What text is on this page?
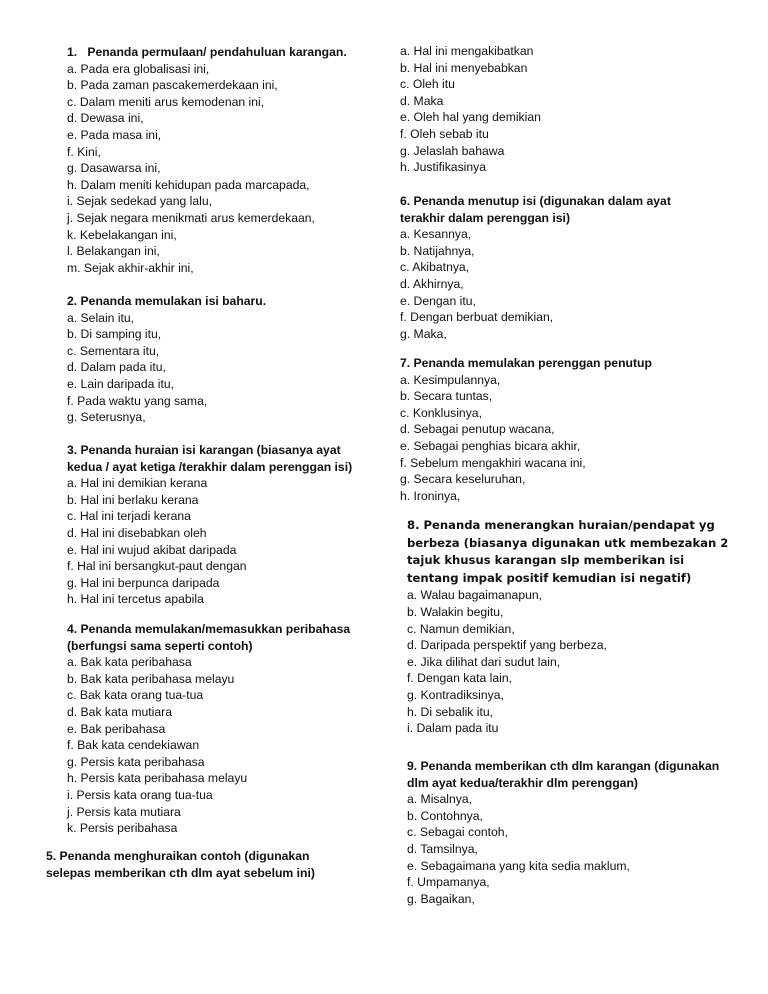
1.   Penanda permulaan/ pendahuluan karangan.
a. Pada era globalisasi ini,
b. Pada zaman pascakemerdekaan ini,
c. Dalam meniti arus kemodenan ini,
d. Dewasa ini,
e. Pada masa ini,
f. Kini,
g. Dasawarsa ini,
h. Dalam meniti kehidupan pada marcapada,
i. Sejak sedekad yang lalu,
j. Sejak negara menikmati arus kemerdekaan,
k. Kebelakangan ini,
l. Belakangan ini,
m. Sejak akhir-akhir ini,
2. Penanda memulakan isi baharu.
a. Selain itu,
b. Di samping itu,
c. Sementara itu,
d. Dalam pada itu,
e. Lain daripada itu,
f. Pada waktu yang sama,
g. Seterusnya,
3. Penanda huraian isi karangan (biasanya ayat kedua / ayat ketiga /terakhir dalam perenggan isi)
a. Hal ini demikian kerana
b. Hal ini berlaku kerana
c. Hal ini terjadi kerana
d. Hal ini disebabkan oleh
e. Hal ini wujud akibat daripada
f. Hal ini bersangkut-paut dengan
g. Hal ini berpunca daripada
h. Hal ini tercetus apabila
4. Penanda memulakan/memasukkan peribahasa (berfungsi sama seperti contoh)
a. Bak kata peribahasa
b. Bak kata peribahasa melayu
c. Bak kata orang tua-tua
d. Bak kata mutiara
e. Bak peribahasa
f. Bak kata cendekiawan
g. Persis kata peribahasa
h. Persis kata peribahasa melayu
i. Persis kata orang tua-tua
j. Persis kata mutiara
k. Persis peribahasa
5. Penanda menghuraikan contoh (digunakan selepas memberikan cth dlm ayat sebelum ini)
a. Hal ini mengakibatkan
b. Hal ini menyebabkan
c. Oleh itu
d. Maka
e. Oleh hal yang demikian
f. Oleh sebab itu
g. Jelaslah bahawa
h. Justifikasinya
6. Penanda menutup isi (digunakan dalam ayat terakhir dalam perenggan isi)
a. Kesannya,
b. Natijahnya,
c. Akibatnya,
d. Akhirnya,
e. Dengan itu,
f. Dengan berbuat demikian,
g. Maka,
7. Penanda memulakan perenggan penutup
a. Kesimpulannya,
b. Secara tuntas,
c. Konklusinya,
d. Sebagai penutup wacana,
e. Sebagai penghias bicara akhir,
f. Sebelum mengakhiri wacana ini,
g. Secara keseluruhan,
h. Ironinya,
8. Penanda menerangkan huraian/pendapat yg berbeza (biasanya digunakan utk membezakan 2 tajuk khusus karangan slp memberikan isi tentang impak positif kemudian isi negatif)
a. Walau bagaimanapun,
b. Walakin begitu,
c. Namun demikian,
d. Daripada perspektif yang berbeza,
e. Jika dilihat dari sudut lain,
f. Dengan kata lain,
g. Kontradiksinya,
h. Di sebalik itu,
i. Dalam pada itu
9. Penanda memberikan cth dlm karangan (digunakan dlm ayat kedua/terakhir dlm perenggan)
a. Misalnya,
b. Contohnya,
c. Sebagai contoh,
d. Tamsilnya,
e. Sebagaimana yang kita sedia maklum,
f. Umpamanya,
g. Bagaikan,
